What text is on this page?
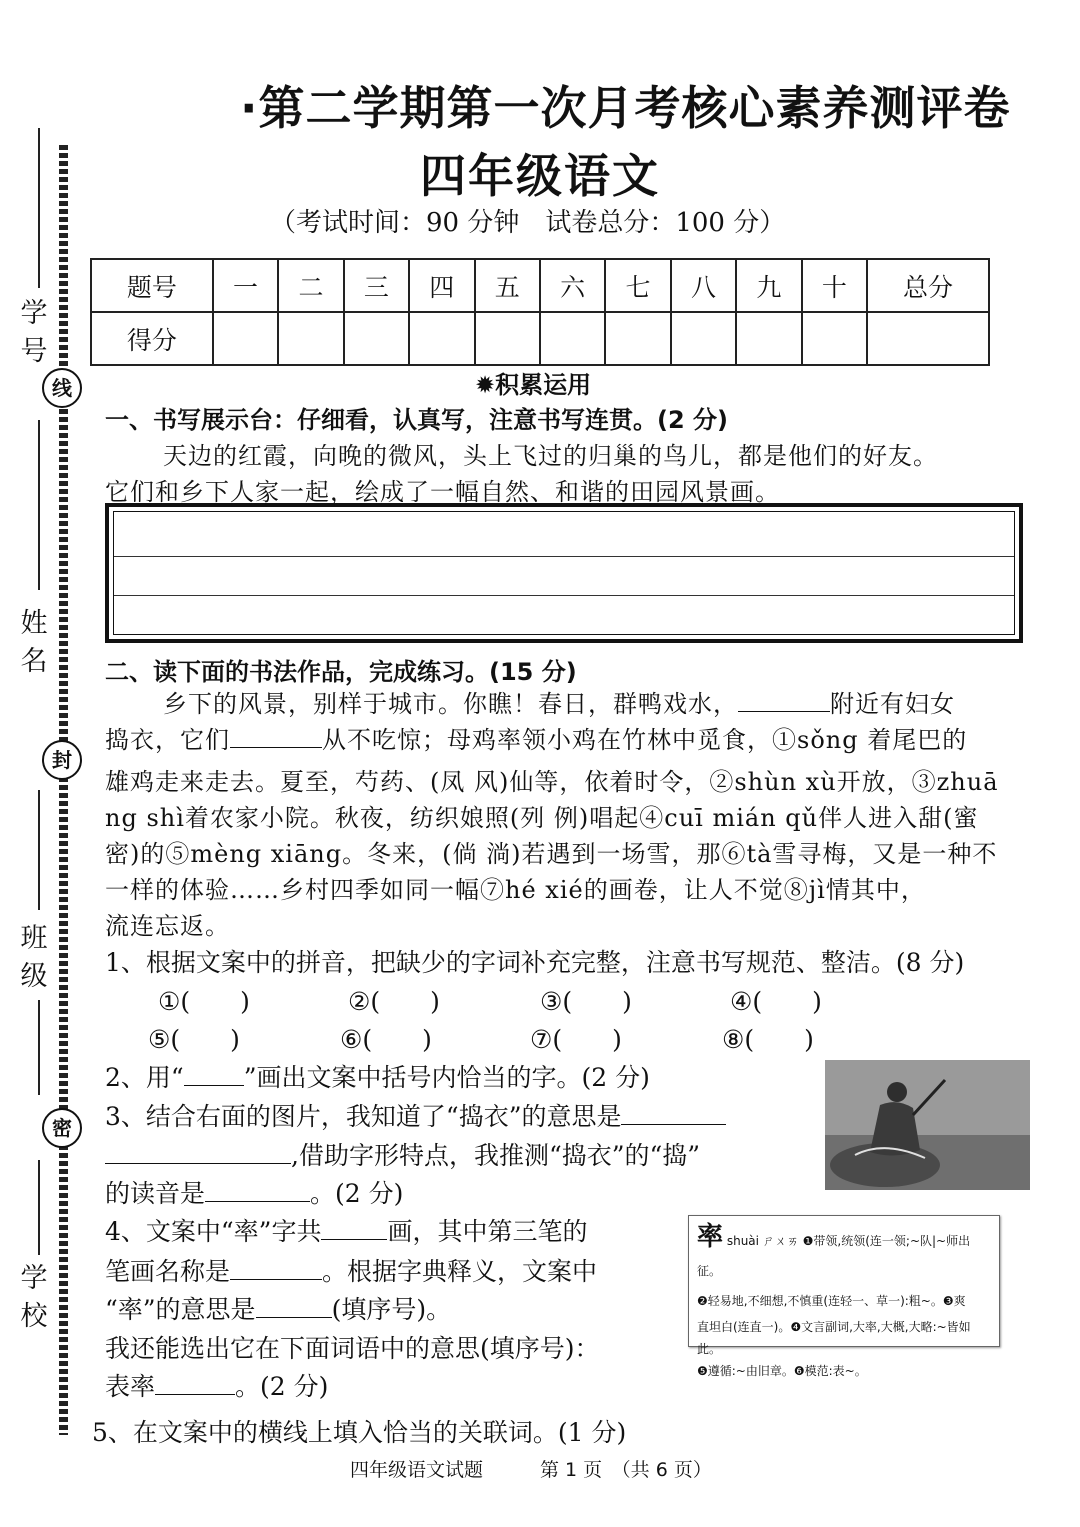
学号
线
姓名
封
班级
密
学校
·第二学期第一次月考核心素养测评卷
四年级语文
（考试时间：90 分钟　试卷总分：100 分）
题号	一	二	三	四	五	六	七	八	九	十	总分
得分											
✹积累运用
一、书写展示台：仔细看，认真写，注意书写连贯。(2 分)
天边的红霞，向晚的微风，头上飞过的归巢的鸟儿，都是他们的好友。
它们和乡下人家一起，绘成了一幅自然、和谐的田园风景画。
二、读下面的书法作品，完成练习。(15 分)
乡下的风景，别样于城市。你瞧！春日，群鸭戏水，	附近有妇女
捣衣，它们	从不吃惊；母鸡率领小鸡在竹林中觅食，①sǒng 着尾巴的
雄鸡走来走去。夏至，芍药、(凤 风)仙等，依着时令，②shùn xù开放，③zhuā
ng shì着农家小院。秋夜，纺织娘照(列 例)唱起④cuī mián qǔ伴人进入甜(蜜
密)的⑤mèng xiāng。冬来，(倘 淌)若遇到一场雪，那⑥tà雪寻梅，又是一种不
一样的体验……乡村四季如同一幅⑦hé xié的画卷，让人不觉⑧jì情其中，
流连忘返。
1、根据文案中的拼音，把缺少的字词补充完整，注意书写规范、整洁。(8 分)
①(　　)	②(　　)	③(　　)	④(　　)
⑤(　　)	⑥(　　)	⑦(　　)	⑧(　　)
2、用“ ”画出文案中括号内恰当的字。(2 分)
3、结合右面的图片，我知道了“捣衣”的意思是
,借助字形特点，我推测“捣衣”的“捣”
的读音是	。(2 分)
4、文案中“率”字共	画，其中第三笔的
笔画名称是	。根据字典释义，文案中
“率”的意思是	(填序号)。
我还能选出它在下面词语中的意思(填序号)：
表率	。(2 分)
率 shuài ㄕㄨㄞ ❶带领,统领(连一领;~队|~师出征。
❷轻易地,不细想,不慎重(连轻一、草一):粗~。❸爽
直坦白(连直一)。❹文言副词,大率,大概,大略:~皆如此。
❺遵循:~由旧章。❻模范:表~。
5、在文案中的横线上填入恰当的关联词。(1 分)
四年级语文试题　　　第 1 页　（共 6 页）
